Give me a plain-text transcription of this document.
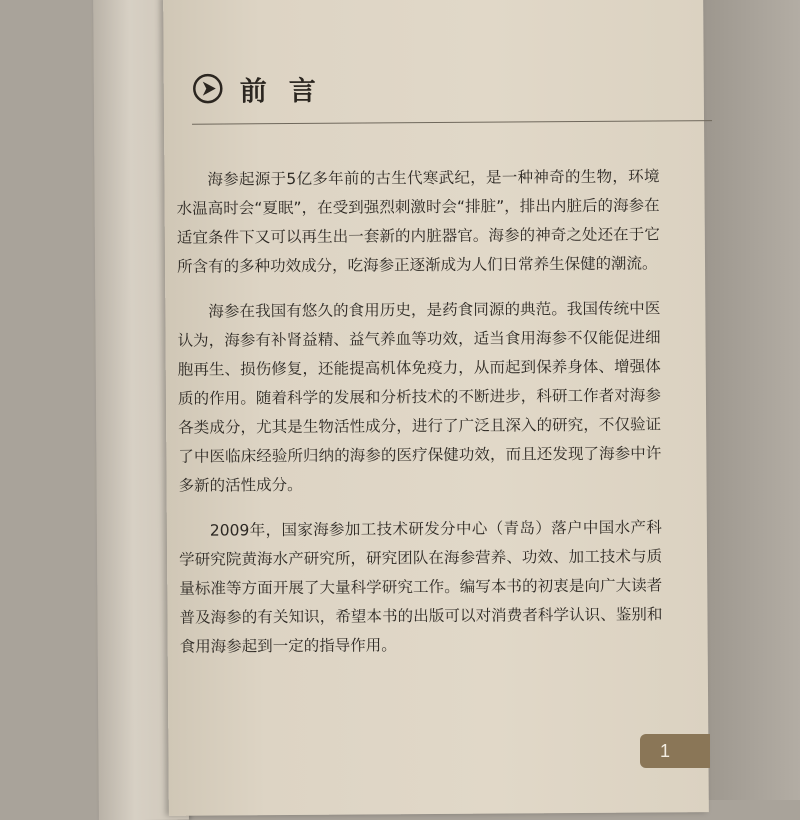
前言

海参起源于5亿多年前的古生代寒武纪，是一种神奇的生物，环境水温高时会“夏眠”，在受到强烈刺激时会“排脏”，排出内脏后的海参在适宜条件下又可以再生出一套新的内脏器官。海参的神奇之处还在于它所含有的多种功效成分，吃海参正逐渐成为人们日常养生保健的潮流。

海参在我国有悠久的食用历史，是药食同源的典范。我国传统中医认为，海参有补肾益精、益气养血等功效，适当食用海参不仅能促进细胞再生、损伤修复，还能提高机体免疫力，从而起到保养身体、增强体质的作用。随着科学的发展和分析技术的不断进步，科研工作者对海参各类成分，尤其是生物活性成分，进行了广泛且深入的研究，不仅验证了中医临床经验所归纳的海参的医疗保健功效，而且还发现了海参中许多新的活性成分。

2009年，国家海参加工技术研发分中心（青岛）落户中国水产科学研究院黄海水产研究所，研究团队在海参营养、功效、加工技术与质量标准等方面开展了大量科学研究工作。编写本书的初衷是向广大读者普及海参的有关知识，希望本书的出版可以对消费者科学认识、鉴别和食用海参起到一定的指导作用。

1
